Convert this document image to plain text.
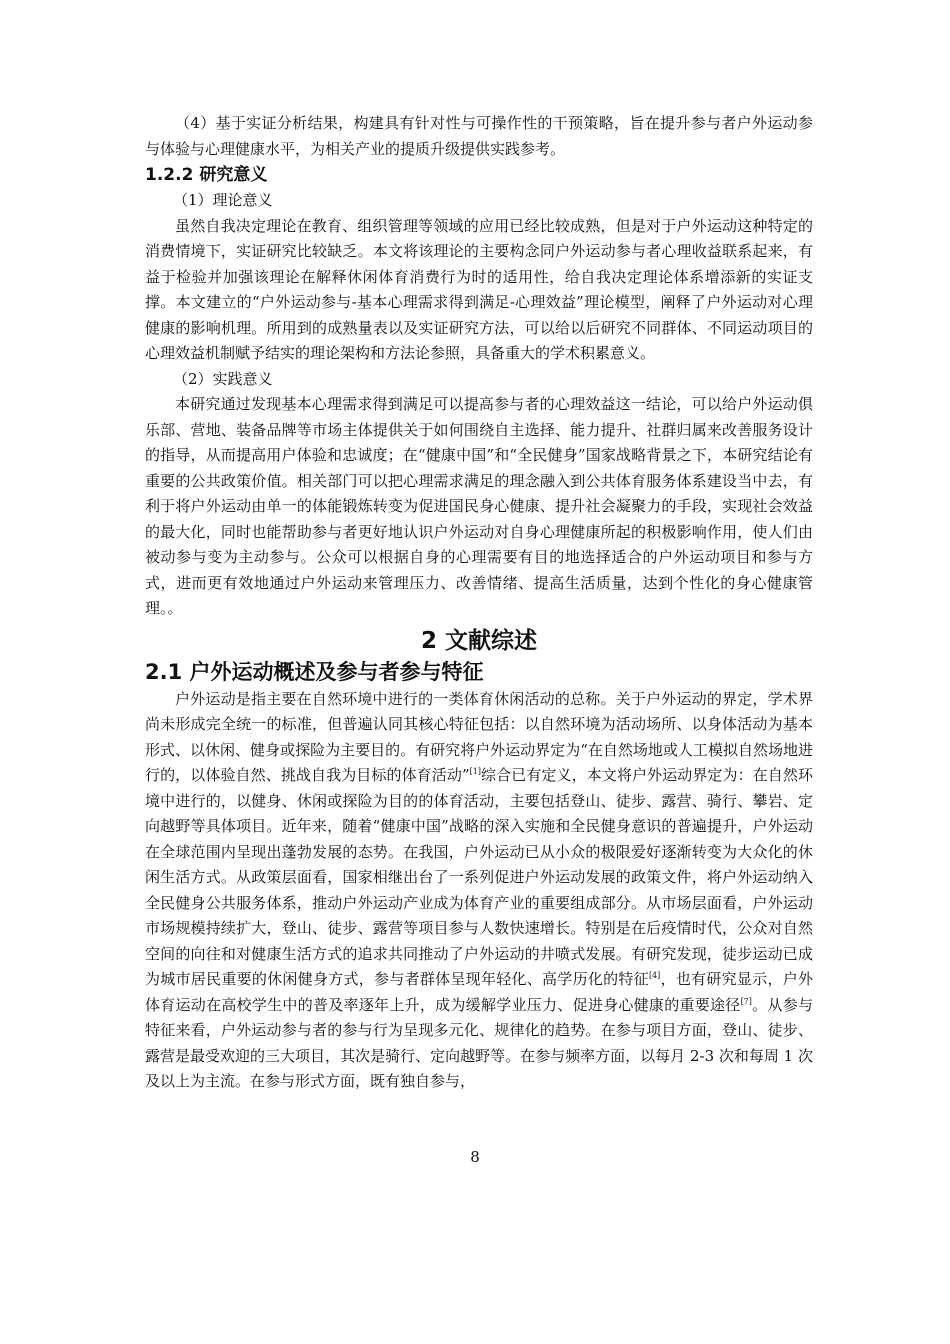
（4）基于实证分析结果，构建具有针对性与可操作性的干预策略，旨在提升参与者户外运动参与体验与心理健康水平，为相关产业的提质升级提供实践参考。

1.2.2 研究意义
（1）理论意义

虽然自我决定理论在教育、组织管理等领域的应用已经比较成熟，但是对于户外运动这种特定的消费情境下，实证研究比较缺乏。本文将该理论的主要构念同户外运动参与者心理收益联系起来，有益于检验并加强该理论在解释休闲体育消费行为时的适用性，给自我决定理论体系增添新的实证支撑。本文建立的“户外运动参与-基本心理需求得到满足-心理效益”理论模型，阐释了户外运动对心理健康的影响机理。所用到的成熟量表以及实证研究方法，可以给以后研究不同群体、不同运动项目的心理效益机制赋予结实的理论架构和方法论参照，具备重大的学术积累意义。

（2）实践意义

本研究通过发现基本心理需求得到满足可以提高参与者的心理效益这一结论，可以给户外运动俱乐部、营地、装备品牌等市场主体提供关于如何围绕自主选择、能力提升、社群归属来改善服务设计的指导，从而提高用户体验和忠诚度；在“健康中国”和“全民健身”国家战略背景之下，本研究结论有重要的公共政策价值。相关部门可以把心理需求满足的理念融入到公共体育服务体系建设当中去，有利于将户外运动由单一的体能锻炼转变为促进国民身心健康、提升社会凝聚力的手段，实现社会效益的最大化，同时也能帮助参与者更好地认识户外运动对自身心理健康所起的积极影响作用，使人们由被动参与变为主动参与。公众可以根据自身的心理需要有目的地选择适合的户外运动项目和参与方式，进而更有效地通过户外运动来管理压力、改善情绪、提高生活质量，达到个性化的身心健康管理。。

2 文献综述
2.1 户外运动概述及参与者参与特征

户外运动是指主要在自然环境中进行的一类体育休闲活动的总称。关于户外运动的界定，学术界尚未形成完全统一的标准，但普遍认同其核心特征包括：以自然环境为活动场所、以身体活动为基本形式、以休闲、健身或探险为主要目的。有研究将户外运动界定为“在自然场地或人工模拟自然场地进行的，以体验自然、挑战自我为目标的体育活动”[1]综合已有定义，本文将户外运动界定为：在自然环境中进行的，以健身、休闲或探险为目的的体育活动，主要包括登山、徒步、露营、骑行、攀岩、定向越野等具体项目。近年来，随着“健康中国”战略的深入实施和全民健身意识的普遍提升，户外运动在全球范围内呈现出蓬勃发展的态势。在我国，户外运动已从小众的极限爱好逐渐转变为大众化的休闲生活方式。从政策层面看，国家相继出台了一系列促进户外运动发展的政策文件，将户外运动纳入全民健身公共服务体系，推动户外运动产业成为体育产业的重要组成部分。从市场层面看，户外运动市场规模持续扩大，登山、徒步、露营等项目参与人数快速增长。特别是在后疫情时代，公众对自然空间的向往和对健康生活方式的追求共同推动了户外运动的井喷式发展。有研究发现，徒步运动已成为城市居民重要的休闲健身方式，参与者群体呈现年轻化、高学历化的特征[4]，也有研究显示，户外体育运动在高校学生中的普及率逐年上升，成为缓解学业压力、促进身心健康的重要途径[7]。从参与特征来看，户外运动参与者的参与行为呈现多元化、规律化的趋势。在参与项目方面，登山、徒步、露营是最受欢迎的三大项目，其次是骑行、定向越野等。在参与频率方面，以每月 2-3 次和每周 1 次及以上为主流。在参与形式方面，既有独自参与，

8
